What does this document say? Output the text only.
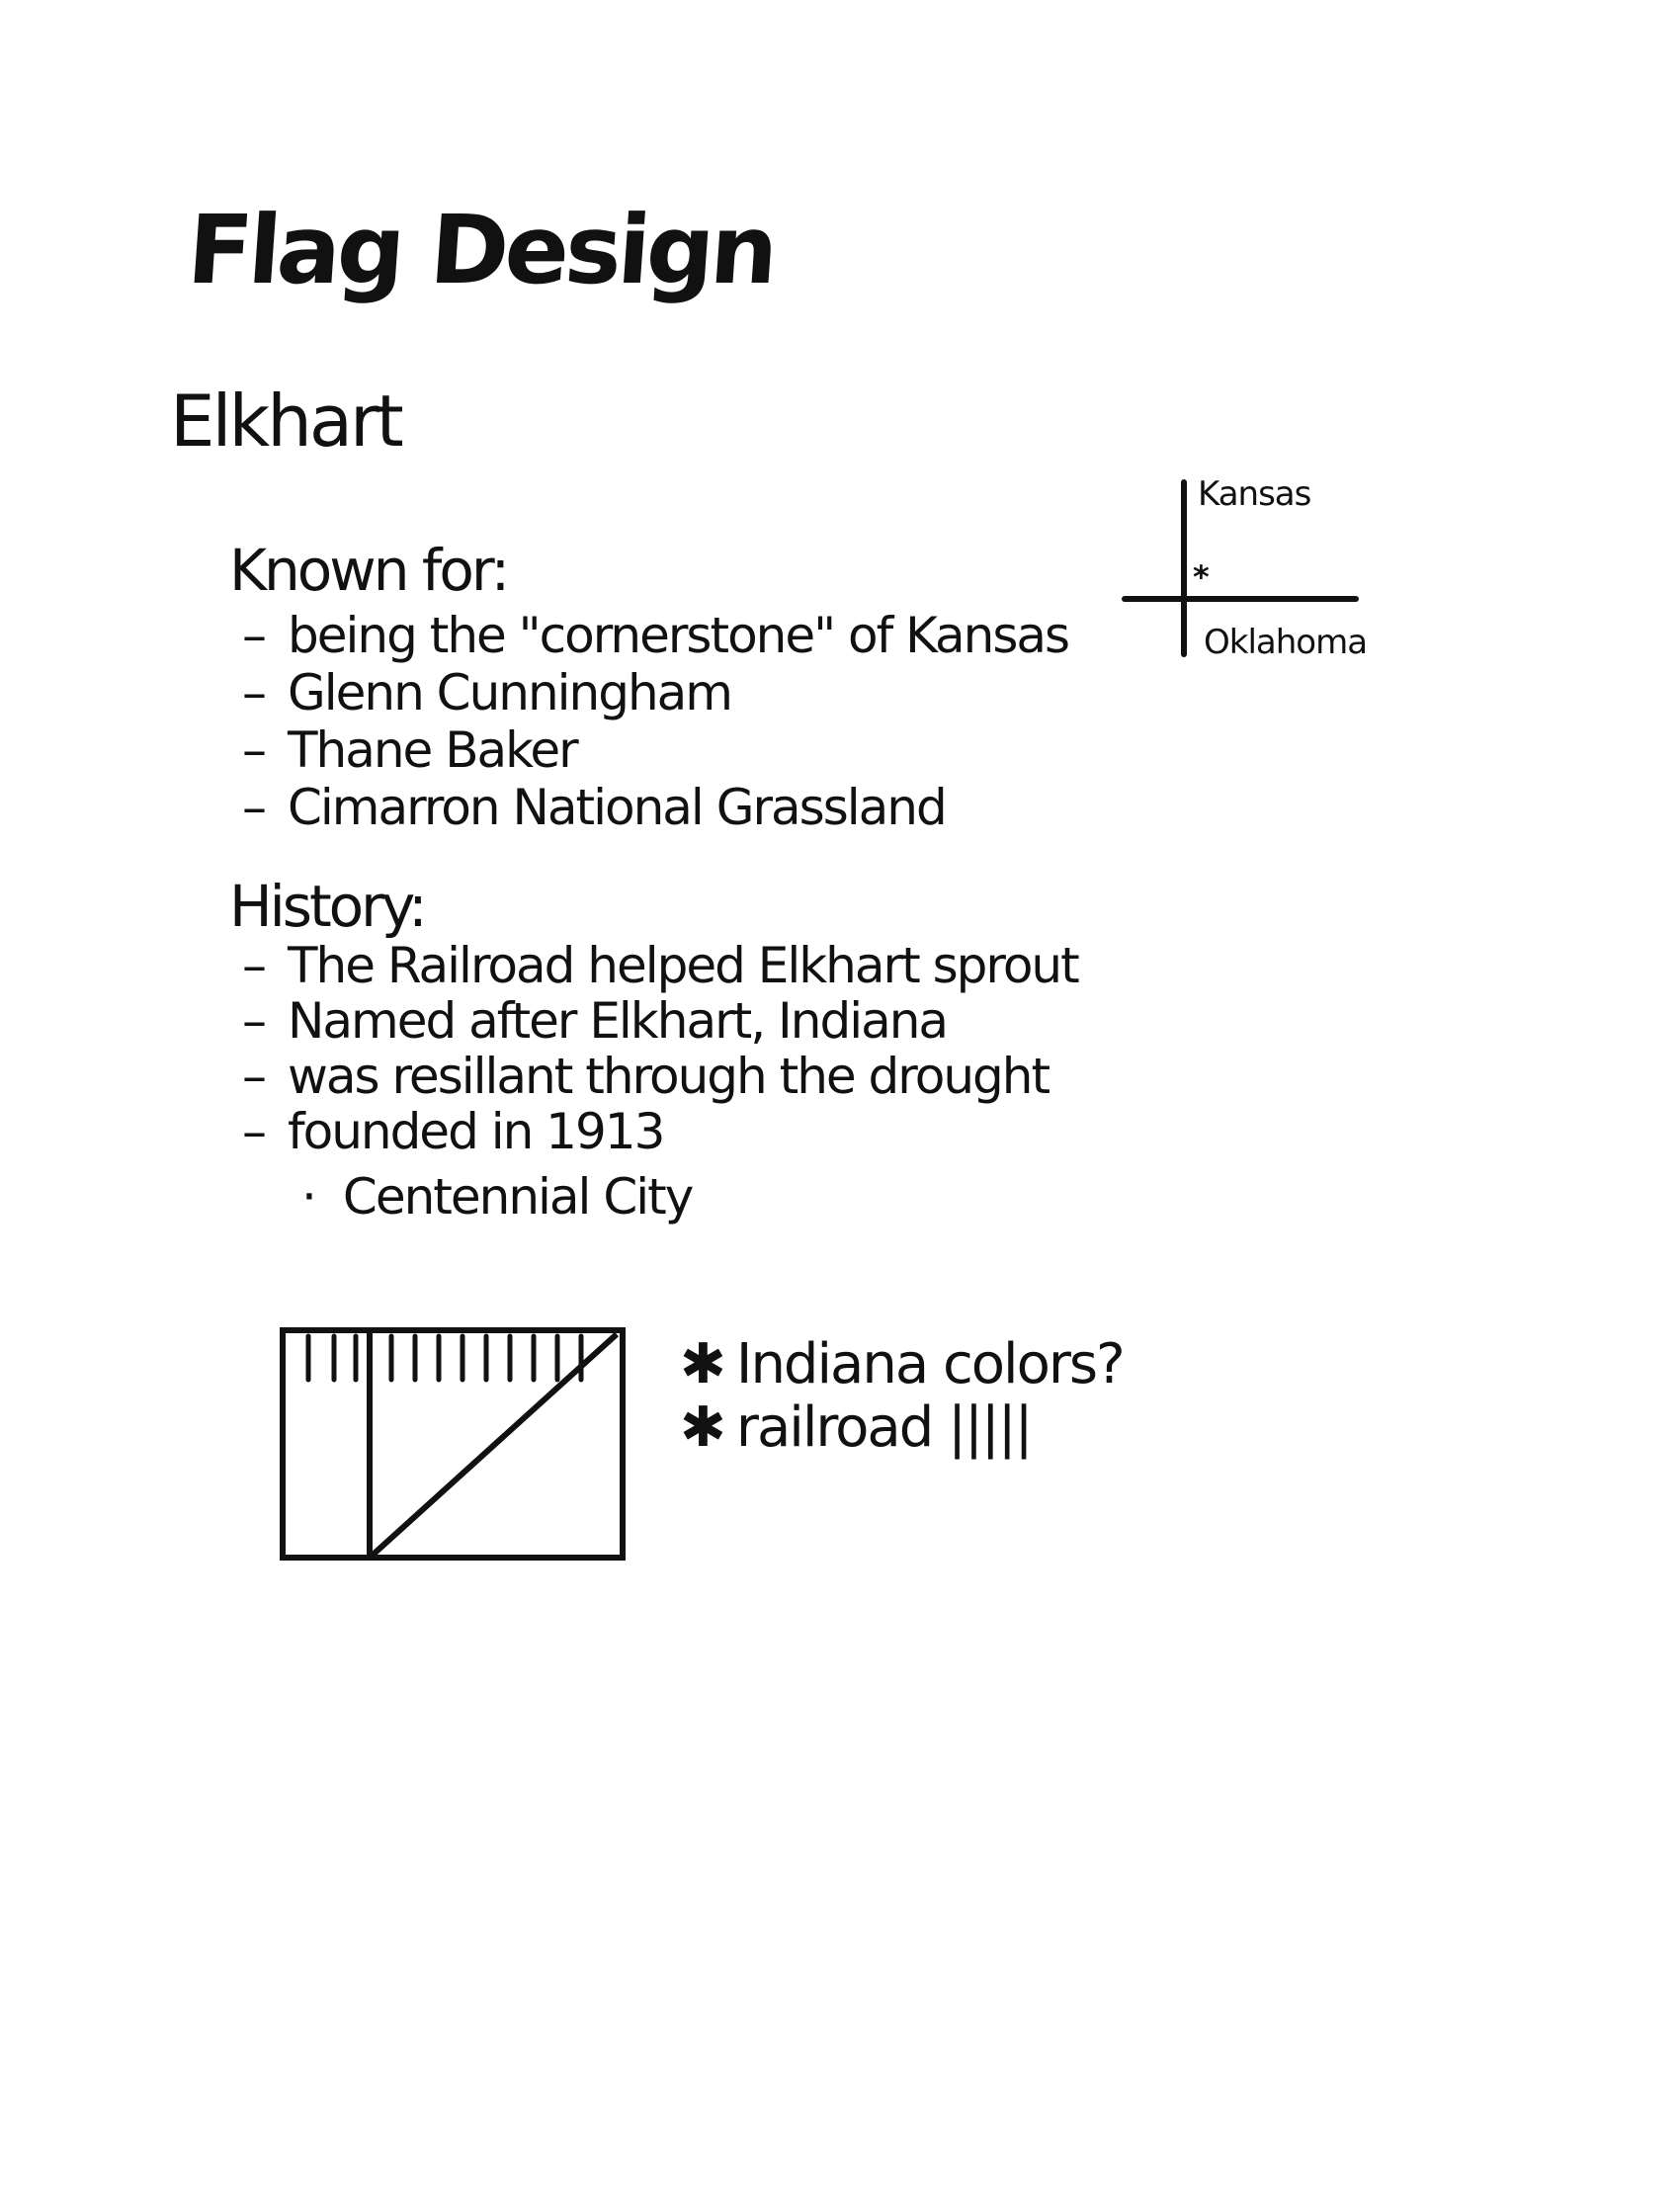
Flag Design
Elkhart
Known for:
– being the "cornerstone" of Kansas
– Glenn Cunningham
– Thane Baker
– Cimarron National Grassland
History:
– The Railroad helped Elkhart sprout
– Named after Elkhart, Indiana
– was resillant through the drought
– founded in 1913
· Centennial City
Kansas
*
Oklahoma
✱ Indiana colors?
✱ railroad |||||
